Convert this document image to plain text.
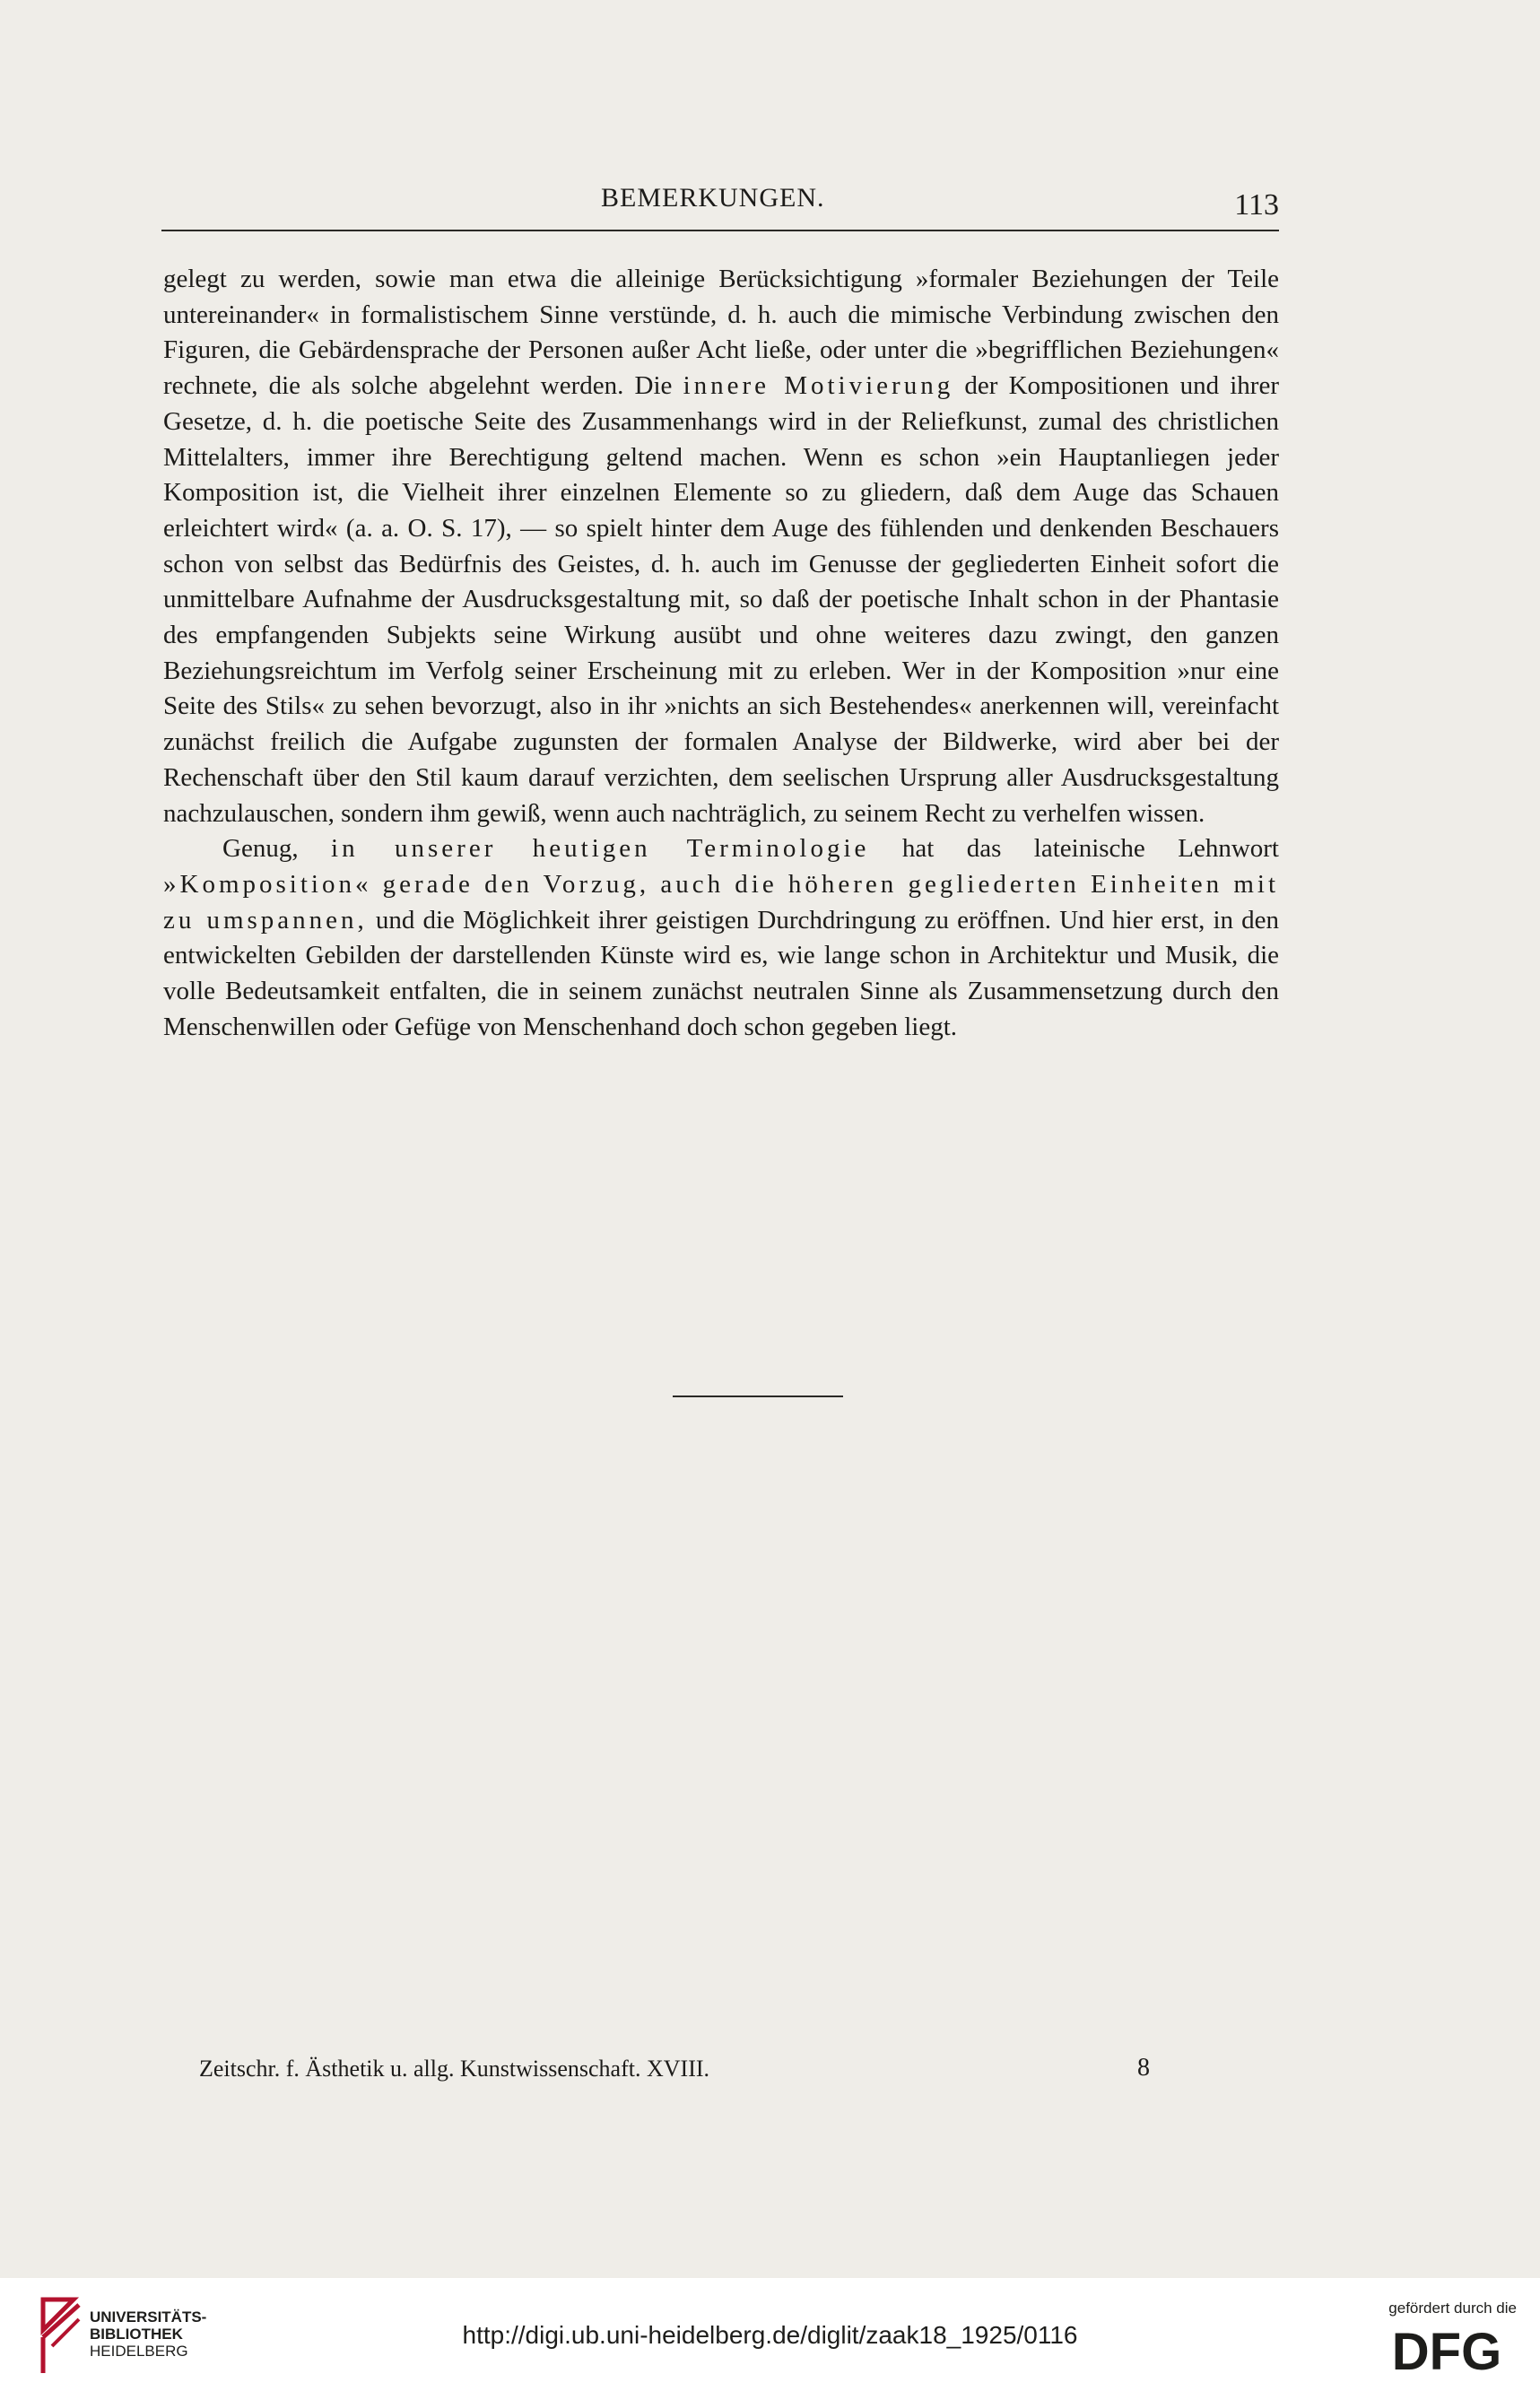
BEMERKUNGEN.	113

gelegt zu werden, sowie man etwa die alleinige Berücksichtigung »formaler Beziehungen der Teile untereinander« in formalistischem Sinne verstünde, d. h. auch die mimische Verbindung zwischen den Figuren, die Gebärdensprache der Personen außer Acht ließe, oder unter die »begrifflichen Beziehungen« rechnete, die als solche abgelehnt werden. Die innere Motivierung der Kompositionen und ihrer Gesetze, d. h. die poetische Seite des Zusammenhangs wird in der Reliefkunst, zumal des christlichen Mittelalters, immer ihre Berechtigung geltend machen. Wenn es schon »ein Hauptanliegen jeder Komposition ist, die Vielheit ihrer einzelnen Elemente so zu gliedern, daß dem Auge das Schauen erleichtert wird« (a. a. O. S. 17), — so spielt hinter dem Auge des fühlenden und denkenden Beschauers schon von selbst das Bedürfnis des Geistes, d. h. auch im Genusse der gegliederten Einheit sofort die unmittelbare Aufnahme der Ausdrucksgestaltung mit, so daß der poetische Inhalt schon in der Phantasie des empfangenden Subjekts seine Wirkung ausübt und ohne weiteres dazu zwingt, den ganzen Beziehungsreichtum im Verfolg seiner Erscheinung mit zu erleben. Wer in der Komposition »nur eine Seite des Stils« zu sehen bevorzugt, also in ihr »nichts an sich Bestehendes« anerkennen will, vereinfacht zunächst freilich die Aufgabe zugunsten der formalen Analyse der Bildwerke, wird aber bei der Rechenschaft über den Stil kaum darauf verzichten, dem seelischen Ursprung aller Ausdrucksgestaltung nachzulauschen, sondern ihm gewiß, wenn auch nachträglich, zu seinem Recht zu verhelfen wissen.

Genug, in unserer heutigen Terminologie hat das lateinische Lehnwort »Komposition« gerade den Vorzug, auch die höheren gegliederten Einheiten mit zu umspannen, und die Möglichkeit ihrer geistigen Durchdringung zu eröffnen. Und hier erst, in den entwickelten Gebilden der darstellenden Künste wird es, wie lange schon in Architektur und Musik, die volle Bedeutsamkeit entfalten, die in seinem zunächst neutralen Sinne als Zusammensetzung durch den Menschenwillen oder Gefüge von Menschenhand doch schon gegeben liegt.

Zeitschr. f. Ästhetik u. allg. Kunstwissenschaft. XVIII.	8
UNIVERSITÄTS-
BIBLIOTHEK
HEIDELBERG
http://digi.ub.uni-heidelberg.de/diglit/zaak18_1925/0116
gefördert durch die
DFG
